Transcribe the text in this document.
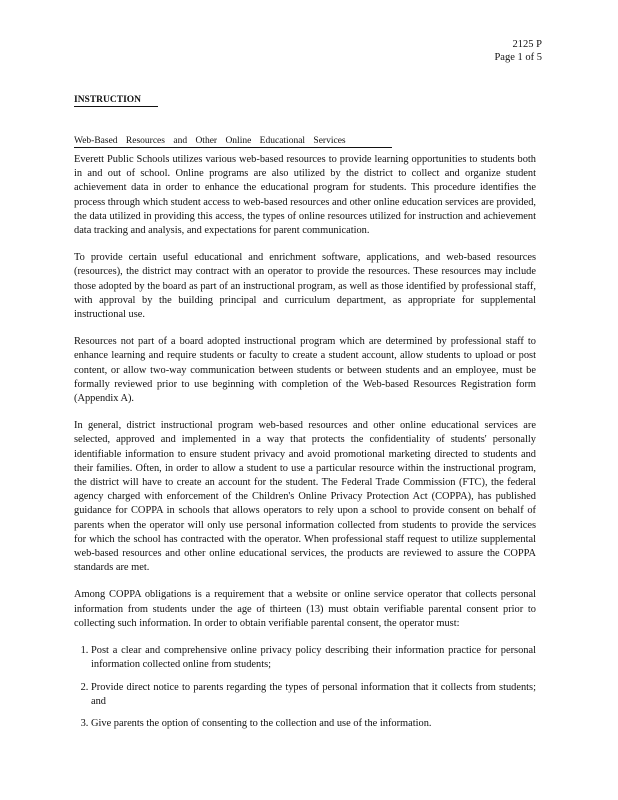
2125 P
Page 1 of 5
INSTRUCTION
Web-Based Resources and Other Online Educational Services

Everett Public Schools utilizes various web-based resources to provide learning opportunities to students both in and out of school. Online programs are also utilized by the district to collect and organize student achievement data in order to enhance the educational program for students. This procedure identifies the process through which student access to web-based resources and other online education services are provided, the data utilized in providing this access, the types of online resources utilized for instruction and achievement data tracking and analysis, and expectations for parent communication.

To provide certain useful educational and enrichment software, applications, and web-based resources (resources), the district may contract with an operator to provide the resources. These resources may include those adopted by the board as part of an instructional program, as well as those identified by professional staff, with approval by the building principal and curriculum department, as appropriate for supplemental instructional use.

Resources not part of a board adopted instructional program which are determined by professional staff to enhance learning and require students or faculty to create a student account, allow students to upload or post content, or allow two-way communication between students or between students and an employee, must be formally reviewed prior to use beginning with completion of the Web-based Resources Registration form (Appendix A).

In general, district instructional program web-based resources and other online educational services are selected, approved and implemented in a way that protects the confidentiality of students' personally identifiable information to ensure student privacy and avoid promotional marketing directed to students and their families. Often, in order to allow a student to use a particular resource within the instructional program, the district will have to create an account for the student. The Federal Trade Commission (FTC), the federal agency charged with enforcement of the Children's Online Privacy Protection Act (COPPA), has published guidance for COPPA in schools that allows operators to rely upon a school to provide consent on behalf of parents when the operator will only use personal information collected from students to provide the services for which the school has contracted with the operator. When professional staff request to utilize supplemental web-based resources and other online educational services, the products are reviewed to assure the COPPA standards are met.

Among COPPA obligations is a requirement that a website or online service operator that collects personal information from students under the age of thirteen (13) must obtain verifiable parental consent prior to collecting such information. In order to obtain verifiable parental consent, the operator must:

1. Post a clear and comprehensive online privacy policy describing their information practice for personal information collected online from students;
2. Provide direct notice to parents regarding the types of personal information that it collects from students; and
3. Give parents the option of consenting to the collection and use of the information.
